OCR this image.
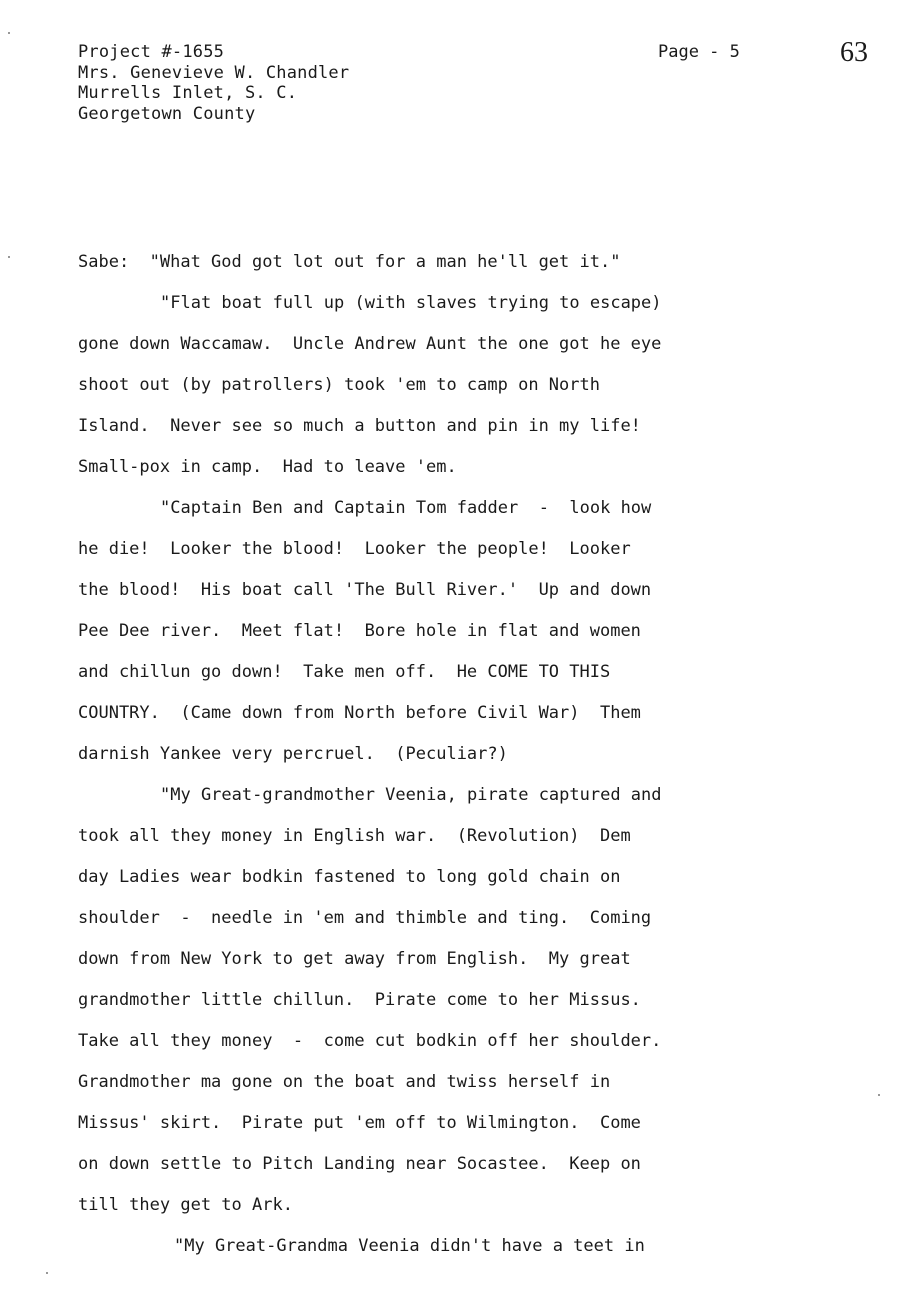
Project #-1655
Mrs. Genevieve W. Chandler
Murrells Inlet, S. C.
Georgetown County
Page - 5	63
Sabe:  "What God got lot out for a man he'll get it."
"Flat boat full up (with slaves trying to escape)
gone down Waccamaw.  Uncle Andrew Aunt the one got he eye
shoot out (by patrollers) took 'em to camp on North
Island.  Never see so much a button and pin in my life!
Small-pox in camp.  Had to leave 'em.
"Captain Ben and Captain Tom fadder  -  look how
he die!  Looker the blood!  Looker the people!  Looker
the blood!  His boat call 'The Bull River.'  Up and down
Pee Dee river.  Meet flat!  Bore hole in flat and women
and chillun go down!  Take men off.  He COME TO THIS
COUNTRY.  (Came down from North before Civil War)  Them
darnish Yankee very percruel.  (Peculiar?)
"My Great-grandmother Veenia, pirate captured and
took all they money in English war.  (Revolution)  Dem
day Ladies wear bodkin fastened to long gold chain on
shoulder  -  needle in 'em and thimble and ting.  Coming
down from New York to get away from English.  My great
grandmother little chillun.  Pirate come to her Missus.
Take all they money  -  come cut bodkin off her shoulder.
Grandmother ma gone on the boat and twiss herself in
Missus' skirt.  Pirate put 'em off to Wilmington.  Come
on down settle to Pitch Landing near Socastee.  Keep on
till they get to Ark.
"My Great-Grandma Veenia didn't have a teet in
